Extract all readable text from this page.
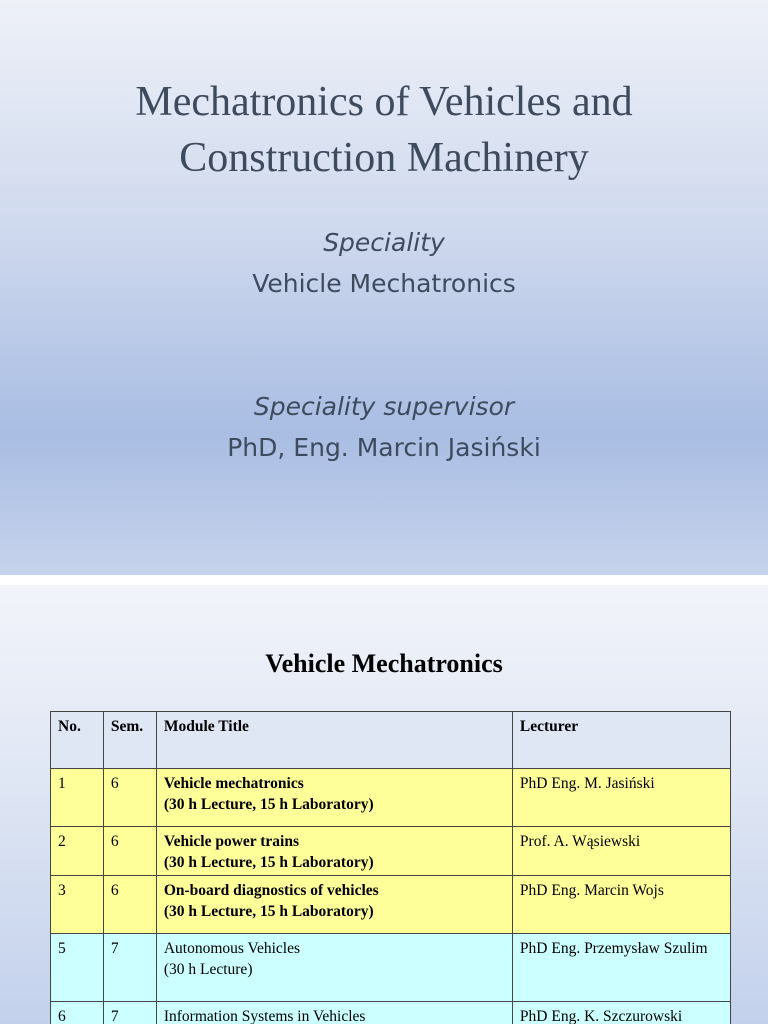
Mechatronics of Vehicles and
Construction Machinery
Speciality
Vehicle Mechatronics
Speciality supervisor
PhD, Eng. Marcin Jasiński
Vehicle Mechatronics
No.	Sem.	Module Title	Lecturer
1	6	Vehicle mechatronics
(30 h Lecture, 15 h Laboratory)	PhD Eng. M. Jasiński
2	6	Vehicle power trains
(30 h Lecture, 15 h Laboratory)	Prof. A. Wąsiewski
3	6	On-board diagnostics of vehicles
(30 h Lecture, 15 h Laboratory)	PhD Eng. Marcin Wojs
5	7	Autonomous Vehicles
(30 h Lecture)	PhD Eng. Przemysław Szulim
6	7	Information Systems in Vehicles	PhD Eng. K. Szczurowski
